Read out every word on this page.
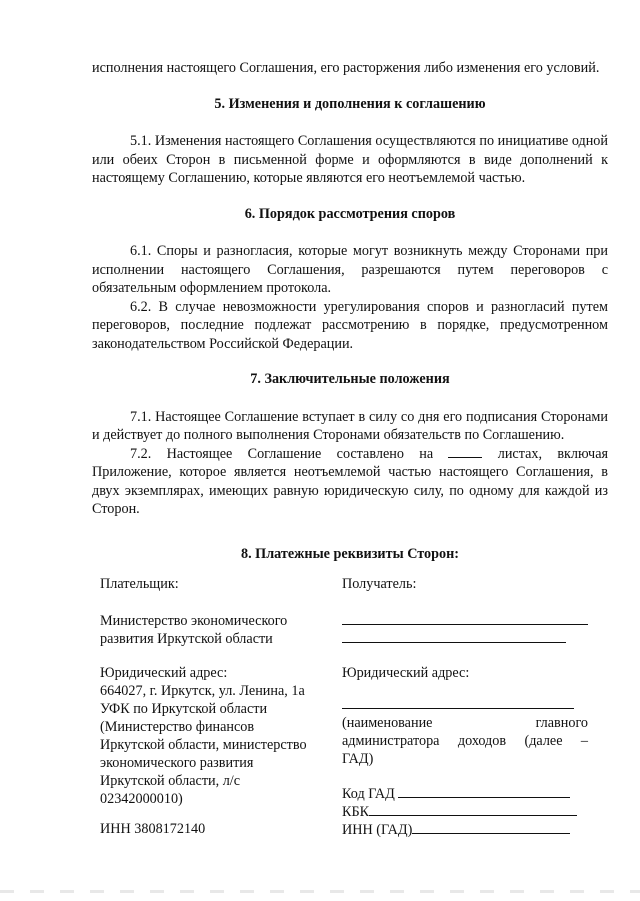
исполнения настоящего Соглашения, его расторжения либо изменения его условий.

5. Изменения и дополнения к соглашению

5.1. Изменения настоящего Соглашения осуществляются по инициативе одной или обеих Сторон в письменной форме и оформляются в виде дополнений к настоящему Соглашению, которые являются его неотъемлемой частью.

6. Порядок рассмотрения споров

6.1. Споры и разногласия, которые могут возникнуть между Сторонами при исполнении настоящего Соглашения, разрешаются путем переговоров с обязательным оформлением протокола.

6.2. В случае невозможности урегулирования споров и разногласий путем переговоров, последние подлежат рассмотрению в порядке, предусмотренном законодательством Российской Федерации.

7. Заключительные положения

7.1. Настоящее Соглашение вступает в силу со дня его подписания Сторонами и действует до полного выполнения Сторонами обязательств по Соглашению.

7.2. Настоящее Соглашение составлено на	листах, включая Приложение, которое является неотъемлемой частью настоящего Соглашения, в двух экземплярах, имеющих равную юридическую силу, по одному для каждой из Сторон.

8. Платежные реквизиты Сторон:
Плательщик:
Министерство экономического
развития Иркутской области
Юридический адрес:
664027, г. Иркутск, ул. Ленина, 1а
УФК по Иркутской области
(Министерство финансов
Иркутской области, министерство
экономического развития
Иркутской области, л/с
02342000010)
ИНН 3808172140
Получатель:
Юридический адрес:
(наименование	главного
администратора доходов (далее –
ГАД)
Код ГАД
КБК
ИНН (ГАД)
